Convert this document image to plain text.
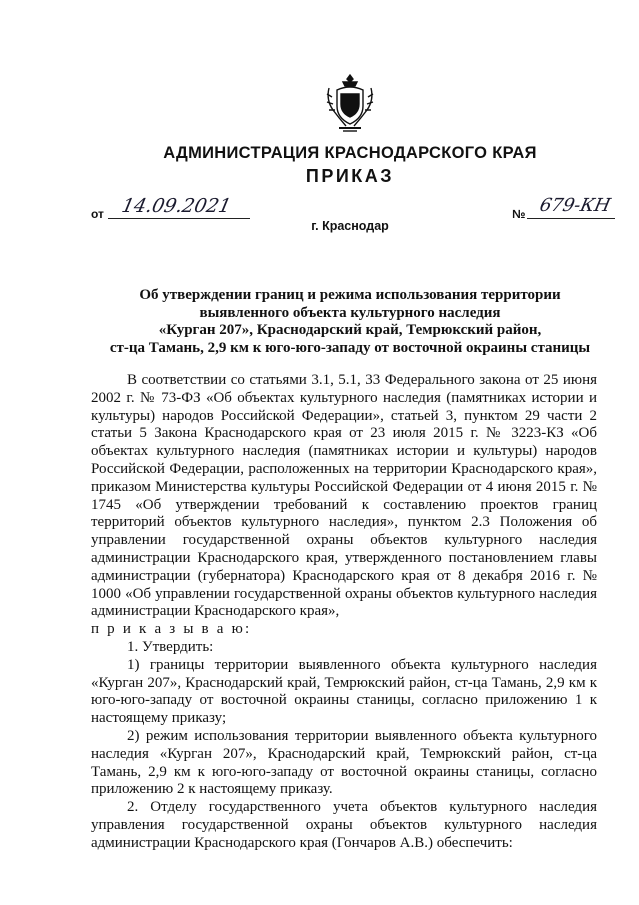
АДМИНИСТРАЦИЯ КРАСНОДАРСКОГО КРАЯ
ПРИКАЗ
от 14.09.2021	№ 679-КН
г. Краснодар
Об утверждении границ и режима использования территории
выявленного объекта культурного наследия
«Курган 207», Краснодарский край, Темрюкский район,
ст-ца Тамань, 2,9 км к юго-юго-западу от восточной окраины станицы

В соответствии со статьями 3.1, 5.1, 33 Федерального закона от 25 июня 2002 г. № 73-ФЗ «Об объектах культурного наследия (памятниках истории и культуры) народов Российской Федерации», статьей 3, пунктом 29 части 2 статьи 5 Закона Краснодарского края от 23 июля 2015 г. № 3223-КЗ «Об объектах культурного наследия (памятниках истории и культуры) народов Российской Федерации, расположенных на территории Краснодарского края», приказом Министерства культуры Российской Федерации от 4 июня 2015 г. № 1745 «Об утверждении требований к составлению проектов границ территорий объектов культурного наследия», пунктом 2.3 Положения об управлении государственной охраны объектов культурного наследия администрации Краснодарского края, утвержденного постановлением главы администрации (губернатора) Краснодарского края от 8 декабря 2016 г. № 1000 «Об управлении государственной охраны объектов культурного наследия администрации Краснодарского края»,

п р и к а з ы в а ю:

1. Утвердить:

1) границы территории выявленного объекта культурного наследия «Курган 207», Краснодарский край, Темрюкский район, ст-ца Тамань, 2,9 км к юго-юго-западу от восточной окраины станицы, согласно приложению 1 к настоящему приказу;

2) режим использования территории выявленного объекта культурного наследия «Курган 207», Краснодарский край, Темрюкский район, ст-ца Тамань, 2,9 км к юго-юго-западу от восточной окраины станицы, согласно приложению 2 к настоящему приказу.

2. Отделу государственного учета объектов культурного наследия управления государственной охраны объектов культурного наследия администрации Краснодарского края (Гончаров А.В.) обеспечить:
